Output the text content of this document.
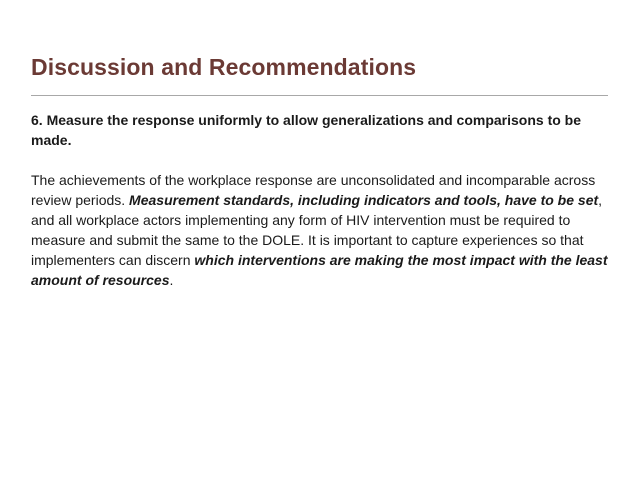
Discussion and Recommendations

6. Measure the response uniformly to allow generalizations and comparisons to be made.

The achievements of the workplace response are unconsolidated and incomparable across review periods. Measurement standards, including indicators and tools, have to be set, and all workplace actors implementing any form of HIV intervention must be required to measure and submit the same to the DOLE. It is important to capture experiences so that implementers can discern which interventions are making the most impact with the least amount of resources.
